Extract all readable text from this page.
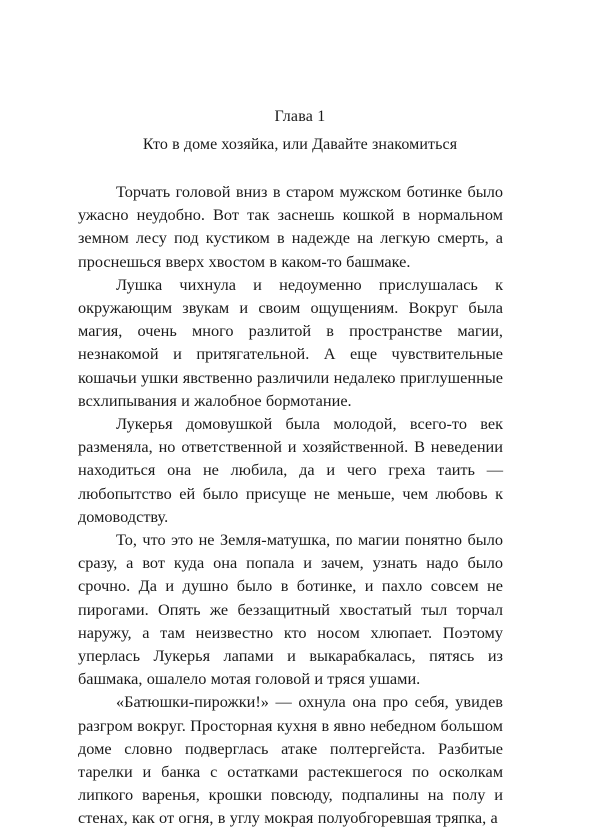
Глава 1
Кто в доме хозяйка, или Давайте знакомиться

Торчать головой вниз в старом мужском ботинке было ужасно неудобно. Вот так заснешь кошкой в нормальном земном лесу под кустиком в надежде на легкую смерть, а проснешься вверх хвостом в каком-то башмаке.

Лушка чихнула и недоуменно прислушалась к окружающим звукам и своим ощущениям. Вокруг была магия, очень много разлитой в пространстве магии, незнакомой и притягательной. А еще чувствительные кошачьи ушки явственно различили недалеко приглушенные всхлипывания и жалобное бормотание.

Лукерья домовушкой была молодой, всего-то век разменяла, но ответственной и хозяйственной. В неведении находиться она не любила, да и чего греха таить — любопытство ей было присуще не меньше, чем любовь к домоводству.

То, что это не Земля-матушка, по магии понятно было сразу, а вот куда она попала и зачем, узнать надо было срочно. Да и душно было в ботинке, и пахло совсем не пирогами. Опять же беззащитный хвостатый тыл торчал наружу, а там неизвестно кто носом хлюпает. Поэтому уперлась Лукерья лапами и выкарабкалась, пятясь из башмака, ошалело мотая головой и тряся ушами.

«Батюшки-пирожки!» — охнула она про себя, увидев разгром вокруг. Просторная кухня в явно небедном большом доме словно подверглась атаке полтергейста. Разбитые тарелки и банка с остатками растекшегося по осколкам липкого варенья, крошки повсюду, подпалины на полу и стенах, как от огня, в углу мокрая полуобгоревшая тряпка, а
